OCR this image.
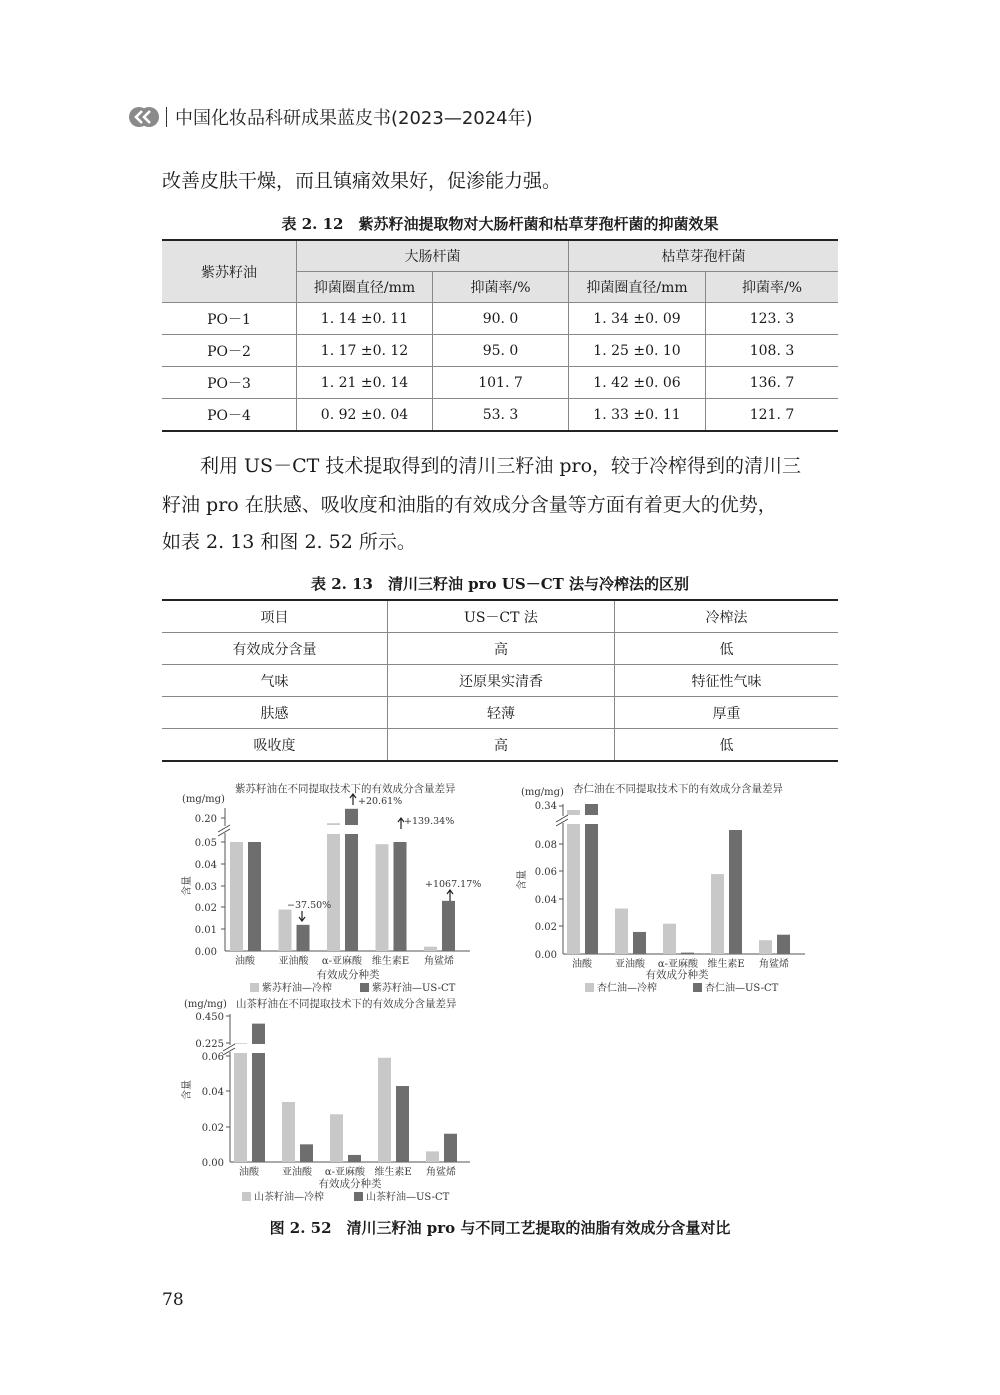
中国化妆品科研成果蓝皮书(2023—2024年)

改善皮肤干燥，而且镇痛效果好，促渗能力强。

表 2. 12　紫苏籽油提取物对大肠杆菌和枯草芽孢杆菌的抑菌效果

紫苏籽油	大肠杆菌		枯草芽孢杆菌	
	抑菌圈直径/mm	抑菌率/%	抑菌圈直径/mm	抑菌率/%
PO－1	1. 14 ±0. 11	90. 0	1. 34 ±0. 09	123. 3
PO－2	1. 17 ±0. 12	95. 0	1. 25 ±0. 10	108. 3
PO－3	1. 21 ±0. 14	101. 7	1. 42 ±0. 06	136. 7
PO－4	0. 92 ±0. 04	53. 3	1. 33 ±0. 11	121. 7

利用 US－CT 技术提取得到的清川三籽油 pro，较于冷榨得到的清川三

籽油 pro 在肤感、吸收度和油脂的有效成分含量等方面有着更大的优势，

如表 2. 13 和图 2. 52 所示。

表 2. 13　清川三籽油 pro US－CT 法与冷榨法的区别

项目	US－CT 法	冷榨法
有效成分含量	高	低
气味	还原果实清香	特征性气味
肤感	轻薄	厚重
吸收度	高	低
紫苏籽油在不同提取技术下的有效成分含量差异
(mg/mg)
含量
0.20
0.05
0.04
0.03
0.02
0.01
0.00
油酸 亚油酸 α-亚麻酸 维生素E 角鲨烯
有效成分种类
+20.61%
+139.34%
−37.50%
+1067.17%
紫苏籽油—冷榨	紫苏籽油—US-CT
(mg/mg) 杏仁油在不同提取技术下的有效成分含量差异
含量
0.34
0.08
0.06
0.04
0.02
0.00
油酸 亚油酸 α-亚麻酸 维生素E 角鲨烯
有效成分种类
杏仁油—冷榨	杏仁油—US-CT
(mg/mg) 山茶籽油在不同提取技术下的有效成分含量差异
含量
0.450
0.225
0.06
0.04
0.02
0.00
油酸 亚油酸 α-亚麻酸 维生素E 角鲨烯
有效成分种类
山茶籽油—冷榨	山茶籽油—US-CT
图 2. 52　清川三籽油 pro 与不同工艺提取的油脂有效成分含量对比
78
